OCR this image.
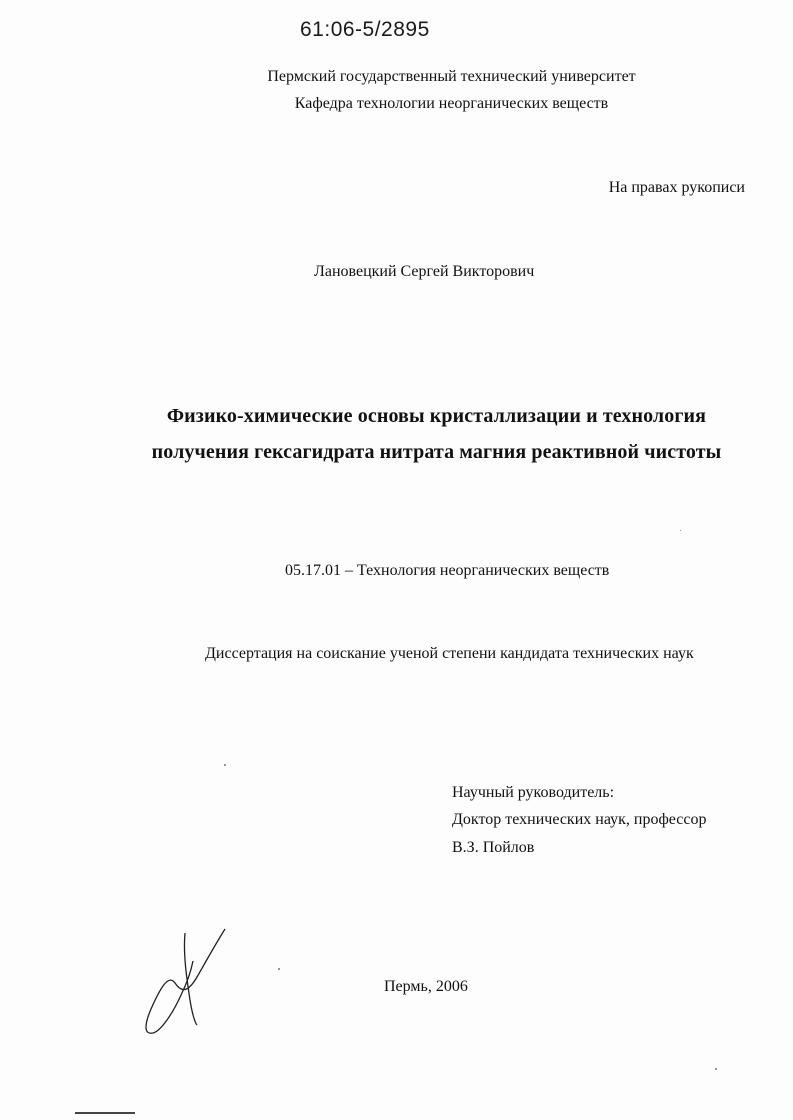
61:06-5/2895
Пермский государственный технический университет
Кафедра технологии неорганических веществ
На правах рукописи
Лановецкий Сергей Викторович
Физико-химические основы кристаллизации и технология
получения гексагидрата нитрата магния реактивной чистоты
05.17.01 – Технология неорганических веществ
Диссертация на соискание ученой степени кандидата технических наук
Научный руководитель:
Доктор технических наук, профессор
В.З. Пойлов
Пермь, 2006
